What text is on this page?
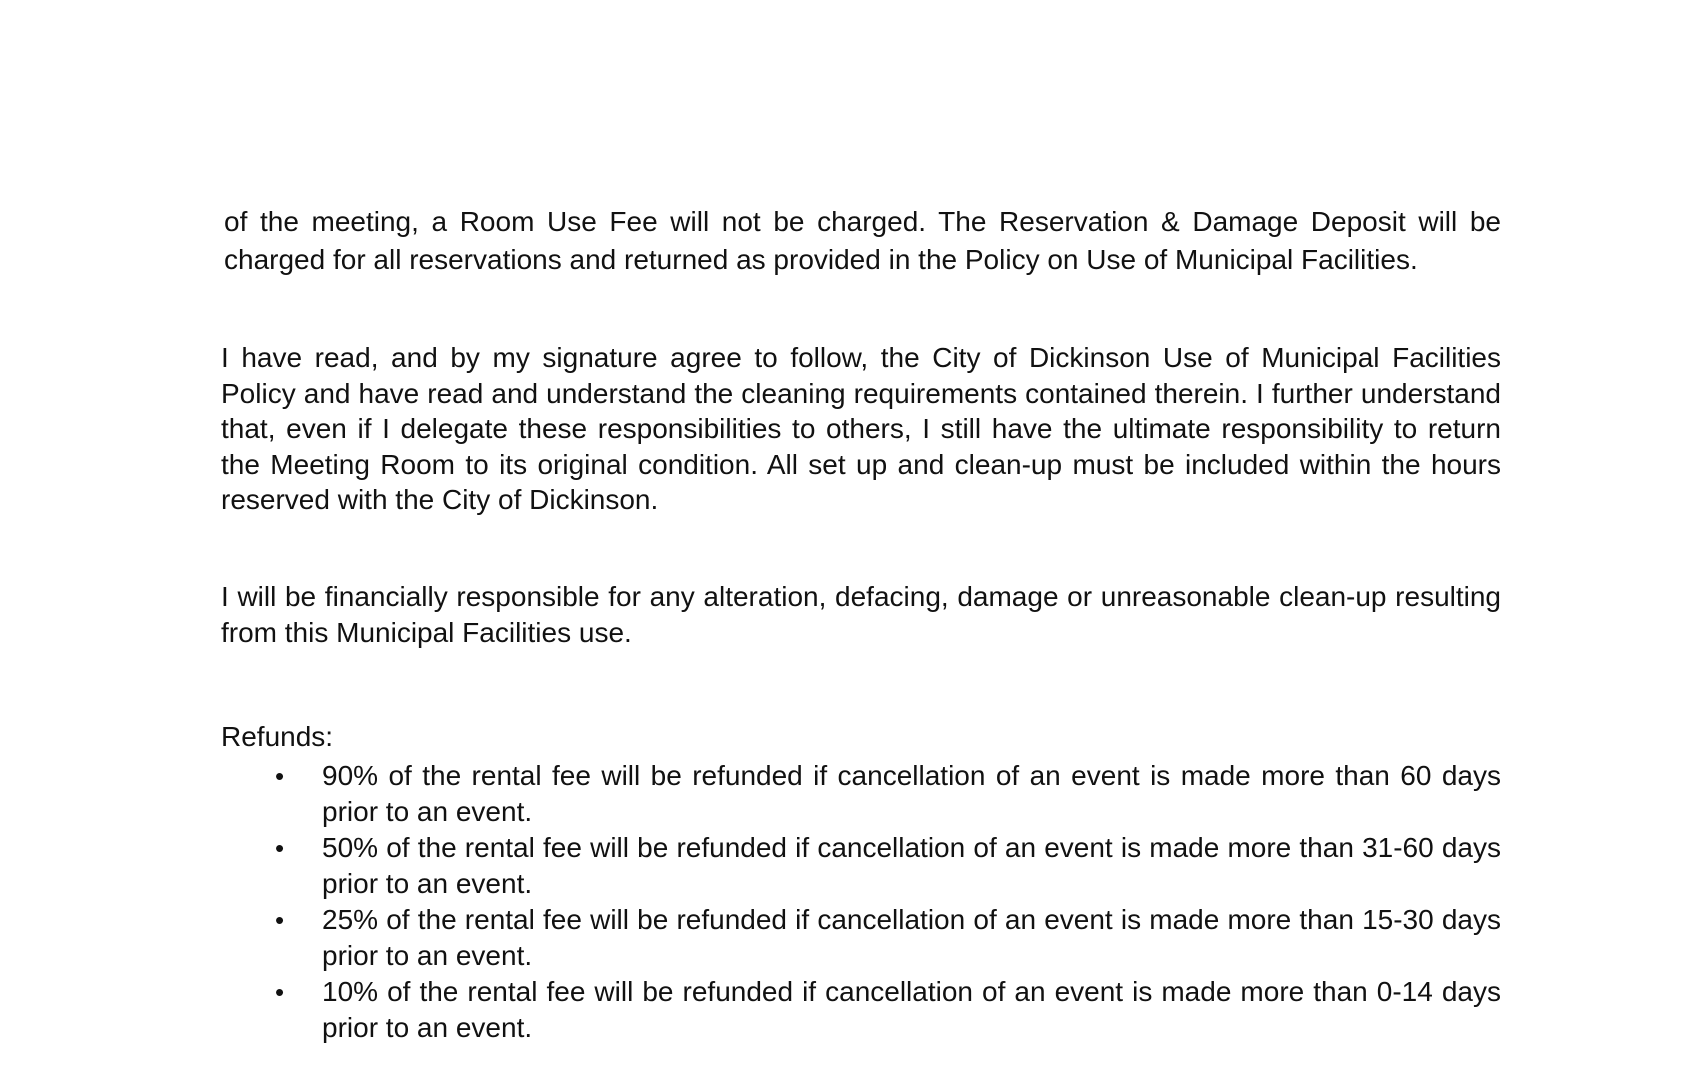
of the meeting, a Room Use Fee will not be charged. The Reservation & Damage Deposit will be charged for all reservations and returned as provided in the Policy on Use of Municipal Facilities.

I have read, and by my signature agree to follow, the City of Dickinson Use of Municipal Facilities Policy and have read and understand the cleaning requirements contained therein. I further understand that, even if I delegate these responsibilities to others, I still have the ultimate responsibility to return the Meeting Room to its original condition. All set up and clean-up must be included within the hours reserved with the City of Dickinson.

I will be financially responsible for any alteration, defacing, damage or unreasonable clean-up resulting from this Municipal Facilities use.

Refunds:

•	90% of the rental fee will be refunded if cancellation of an event is made more than 60 days prior to an event.
•	50% of the rental fee will be refunded if cancellation of an event is made more than 31-60 days prior to an event.
•	25% of the rental fee will be refunded if cancellation of an event is made more than 15-30 days prior to an event.
•	10% of the rental fee will be refunded if cancellation of an event is made more than 0-14 days prior to an event.
